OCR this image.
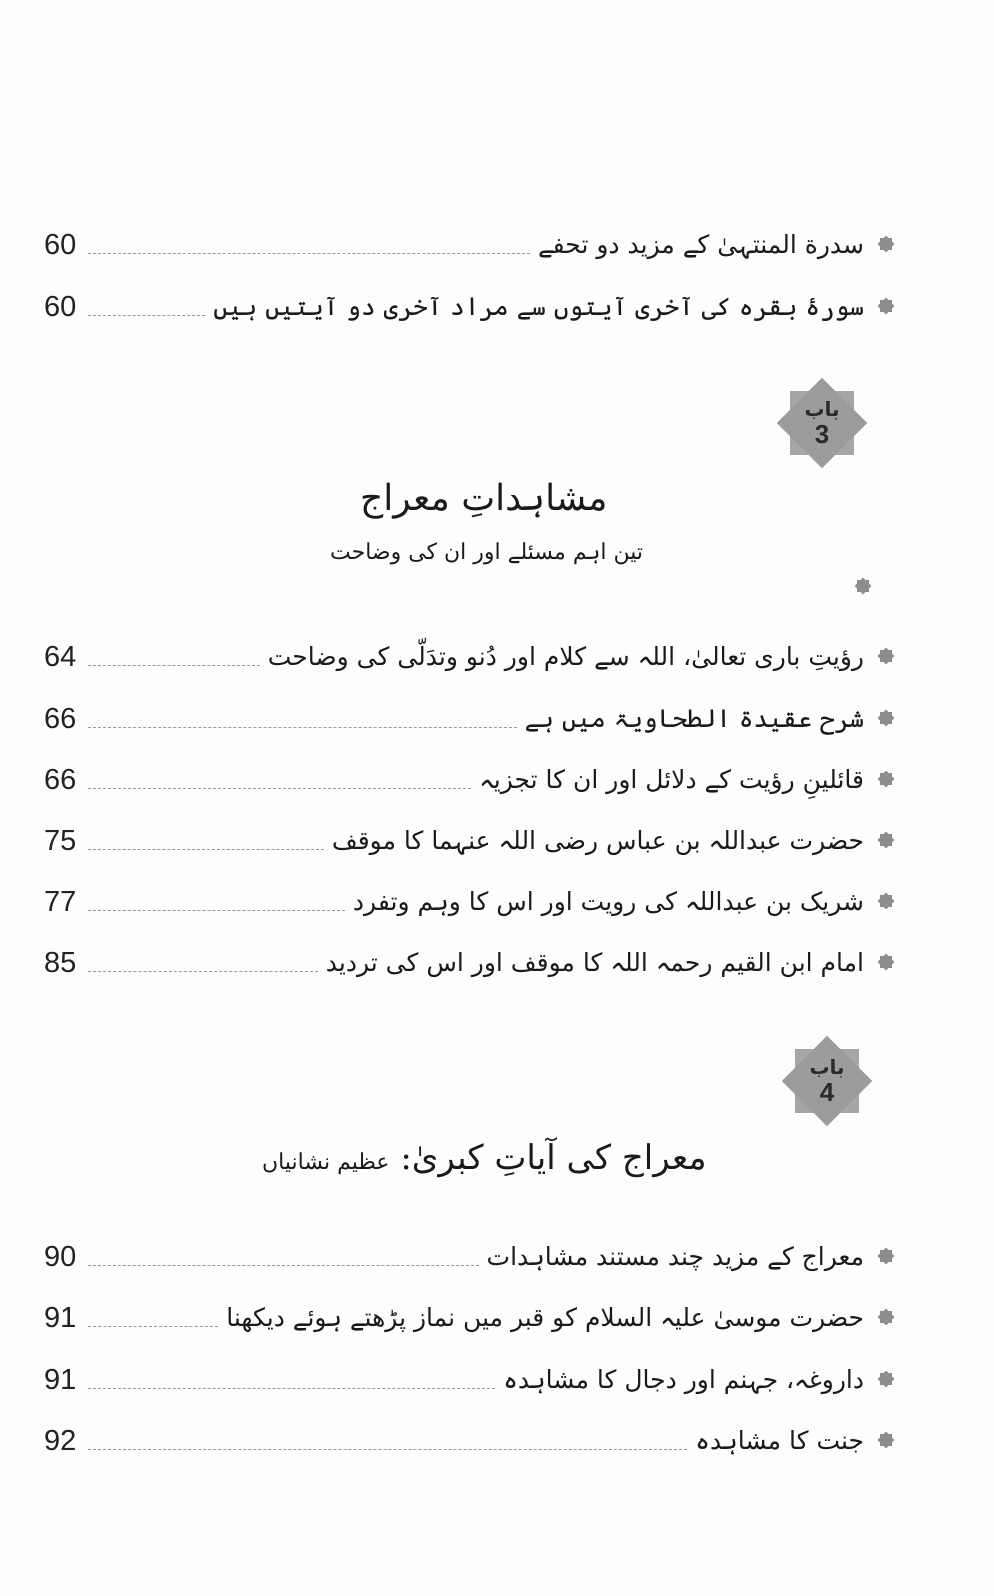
60	سدرة المنتہیٰ کے مزید دو تحفے
60	سورۂ بقرہ کی آخری آیتوں سے مراد آخری دو آیتیں ہیں
باب
3
مشاہداتِ معراج
تین اہم مسئلے اور ان کی وضاحت
64	رؤیتِ باری تعالیٰ، اللہ سے کلام اور دُنو وتدَلّی کی وضاحت
66	شرح عقیدۃ الطحاویۃ میں ہے
66	قائلینِ رؤیت کے دلائل اور ان کا تجزیہ
75	حضرت عبداللہ بن عباس رضی اللہ عنہما کا موقف
77	شریک بن عبداللہ کی رویت اور اس کا وہم وتفرد
85	امام ابن القیم رحمہ اللہ کا موقف اور اس کی تردید
باب
4
معراج کی آیاتِ کبریٰ: عظیم نشانیاں
90	معراج کے مزید چند مستند مشاہدات
91	حضرت موسیٰ علیہ السلام کو قبر میں نماز پڑھتے ہوئے دیکھنا
91	داروغہ، جہنم اور دجال کا مشاہدہ
92	جنت کا مشاہدہ
